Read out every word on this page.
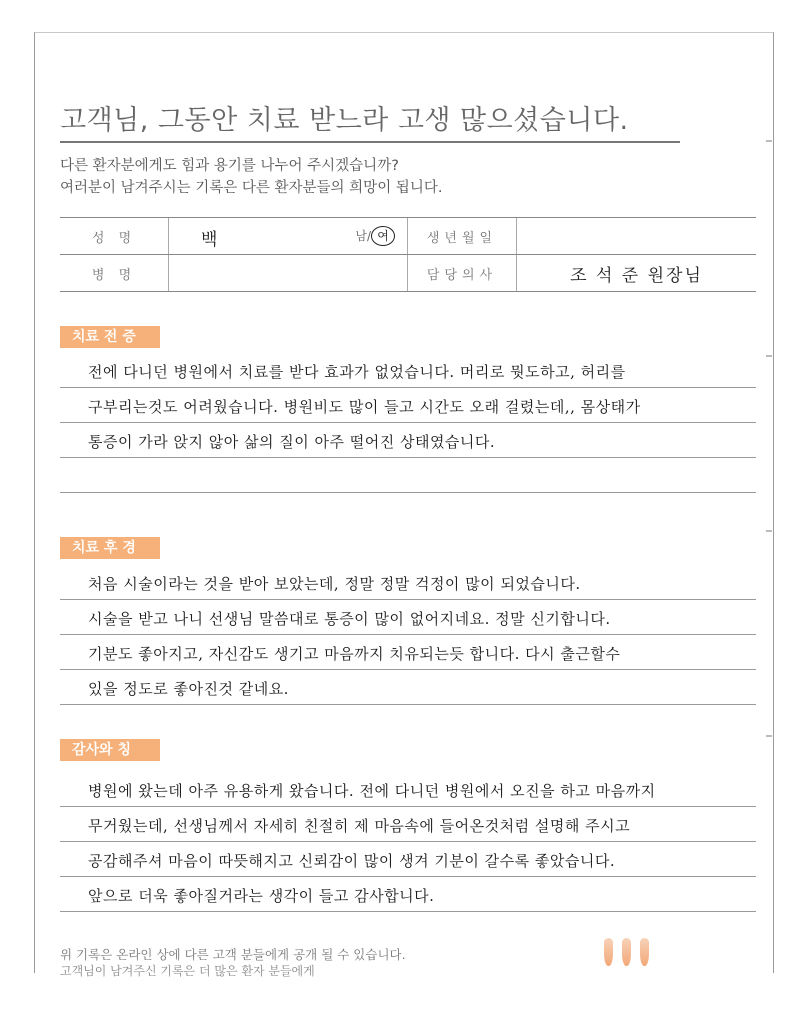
고객님, 그동안 치료 받느라 고생 많으셨습니다.
다른 환자분에게도 힘과 용기를 나누어 주시겠습니까?
여러분이 남겨주시는 기록은 다른 환자분들의 희망이 됩니다.
성 명	백 남/ 여	생년월일	
병 명		담당의사	조 석 준 원장님
치료 전 증상
전에 다니던 병원에서 치료를 받다 효과가 없었습니다. 머리로 뭣도하고, 허리를
구부리는것도 어려웠습니다. 병원비도 많이 들고 시간도 오래 걸렸는데,, 몸상태가
통증이 가라 앉지 않아 삶의 질이 아주 떨어진 상태였습니다.
치료 후 경과
처음 시술이라는 것을 받아 보았는데, 정말 정말 걱정이 많이 되었습니다.
시술을 받고 나니 선생님 말씀대로 통증이 많이 없어지네요. 정말 신기합니다.
기분도 좋아지고, 자신감도 생기고 마음까지 치유되는듯 합니다. 다시 출근할수
있을 정도로 좋아진것 같네요.
감사와 칭찬
병원에 왔는데 아주 유용하게 왔습니다. 전에 다니던 병원에서 오진을 하고 마음까지
무거웠는데, 선생님께서 자세히 친절히 제 마음속에 들어온것처럼 설명해 주시고
공감해주셔 마음이 따뜻해지고 신뢰감이 많이 생겨 기분이 갈수록 좋았습니다.
앞으로 더욱 좋아질거라는 생각이 들고 감사합니다.
위 기록은 온라인 상에 다른 고객 분들에게 공개 될 수 있습니다.
고객님이 남겨주신 기록은 더 많은 환자 분들에게
